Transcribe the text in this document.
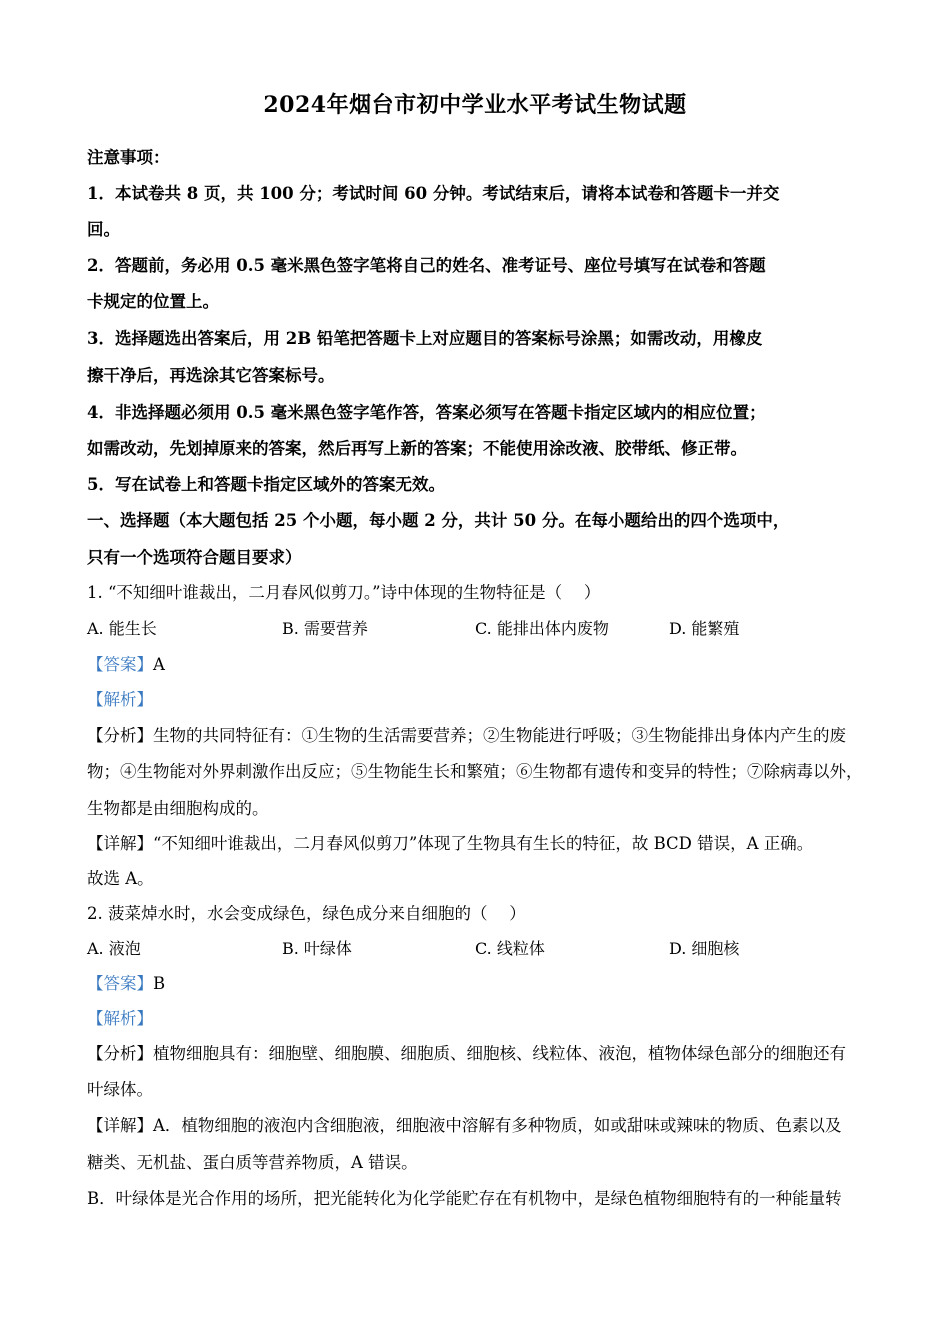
2024年烟台市初中学业水平考试生物试题
注意事项：
1．本试卷共 8 页，共 100 分；考试时间 60 分钟。考试结束后，请将本试卷和答题卡一并交
回。
2．答题前，务必用 0.5 毫米黑色签字笔将自己的姓名、准考证号、座位号填写在试卷和答题
卡规定的位置上。
3．选择题选出答案后，用 2B 铅笔把答题卡上对应题目的答案标号涂黑；如需改动，用橡皮
擦干净后，再选涂其它答案标号。
4．非选择题必须用 0.5 毫米黑色签字笔作答，答案必须写在答题卡指定区域内的相应位置；
如需改动，先划掉原来的答案，然后再写上新的答案；不能使用涂改液、胶带纸、修正带。
5．写在试卷上和答题卡指定区域外的答案无效。
一、选择题（本大题包括 25 个小题，每小题 2 分，共计 50 分。在每小题给出的四个选项中，
只有一个选项符合题目要求）
1. “不知细叶谁裁出，二月春风似剪刀。”诗中体现的生物特征是（　 ）
A. 能生长	B. 需要营养	C. 能排出体内废物	D. 能繁殖
【答案】A
【解析】
【分析】生物的共同特征有：①生物的生活需要营养；②生物能进行呼吸；③生物能排出身体内产生的废
物；④生物能对外界刺激作出反应；⑤生物能生长和繁殖；⑥生物都有遗传和变异的特性；⑦除病毒以外，
生物都是由细胞构成的。
【详解】“不知细叶谁裁出，二月春风似剪刀”体现了生物具有生长的特征，故 BCD 错误，A 正确。
故选 A。
2. 菠菜焯水时，水会变成绿色，绿色成分来自细胞的（　 ）
A. 液泡	B. 叶绿体	C. 线粒体	D. 细胞核
【答案】B
【解析】
【分析】植物细胞具有：细胞壁、细胞膜、细胞质、细胞核、线粒体、液泡，植物体绿色部分的细胞还有
叶绿体。
【详解】A．植物细胞的液泡内含细胞液，细胞液中溶解有多种物质，如或甜味或辣味的物质、色素以及
糖类、无机盐、蛋白质等营养物质，A 错误。
B．叶绿体是光合作用的场所，把光能转化为化学能贮存在有机物中，是绿色植物细胞特有的一种能量转
